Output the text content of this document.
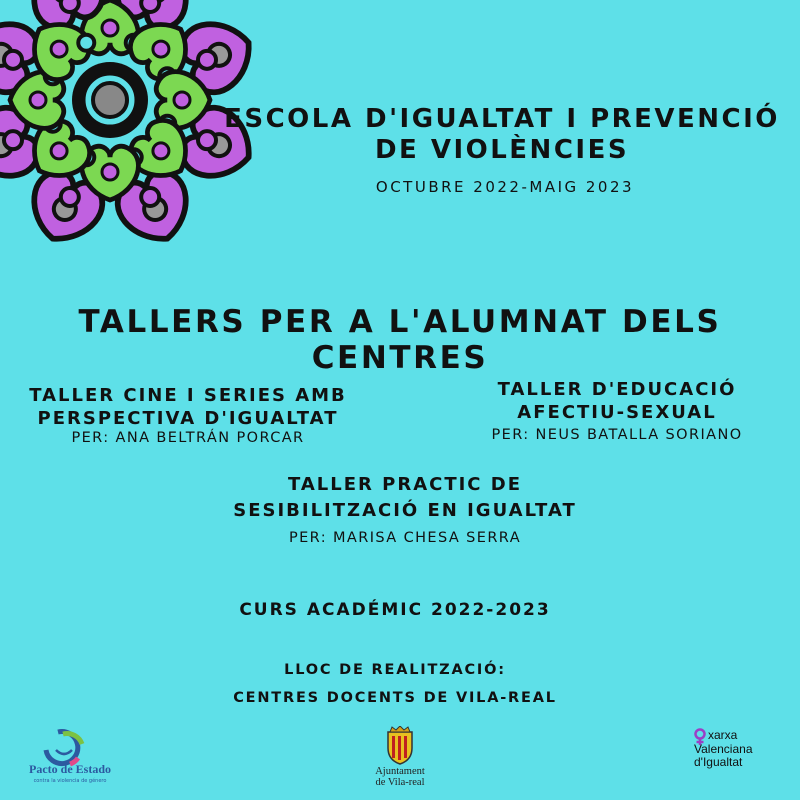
ESCOLA D'IGUALTAT I PREVENCIÓ
DE VIOLÈNCIES
OCTUBRE 2022-MAIG 2023
TALLERS PER A L'ALUMNAT DELS CENTRES
TALLER CINE I SERIES AMB
PERSPECTIVA D'IGUALTAT
PER: ANA BELTRÁN PORCAR
TALLER D'EDUCACIÓ
AFECTIU-SEXUAL
PER: NEUS BATALLA SORIANO
TALLER PRACTIC DE
SESIBILITZACIÓ EN IGUALTAT
PER: MARISA CHESA SERRA
CURS ACADÉMIC 2022-2023
LLOC DE REALITZACIÓ:
CENTRES DOCENTS DE VILA-REAL
Pacto de Estado
contra la violencia de género
Ajuntament
de Vila-real
xarxa
Valenciana
d'Igualtat
